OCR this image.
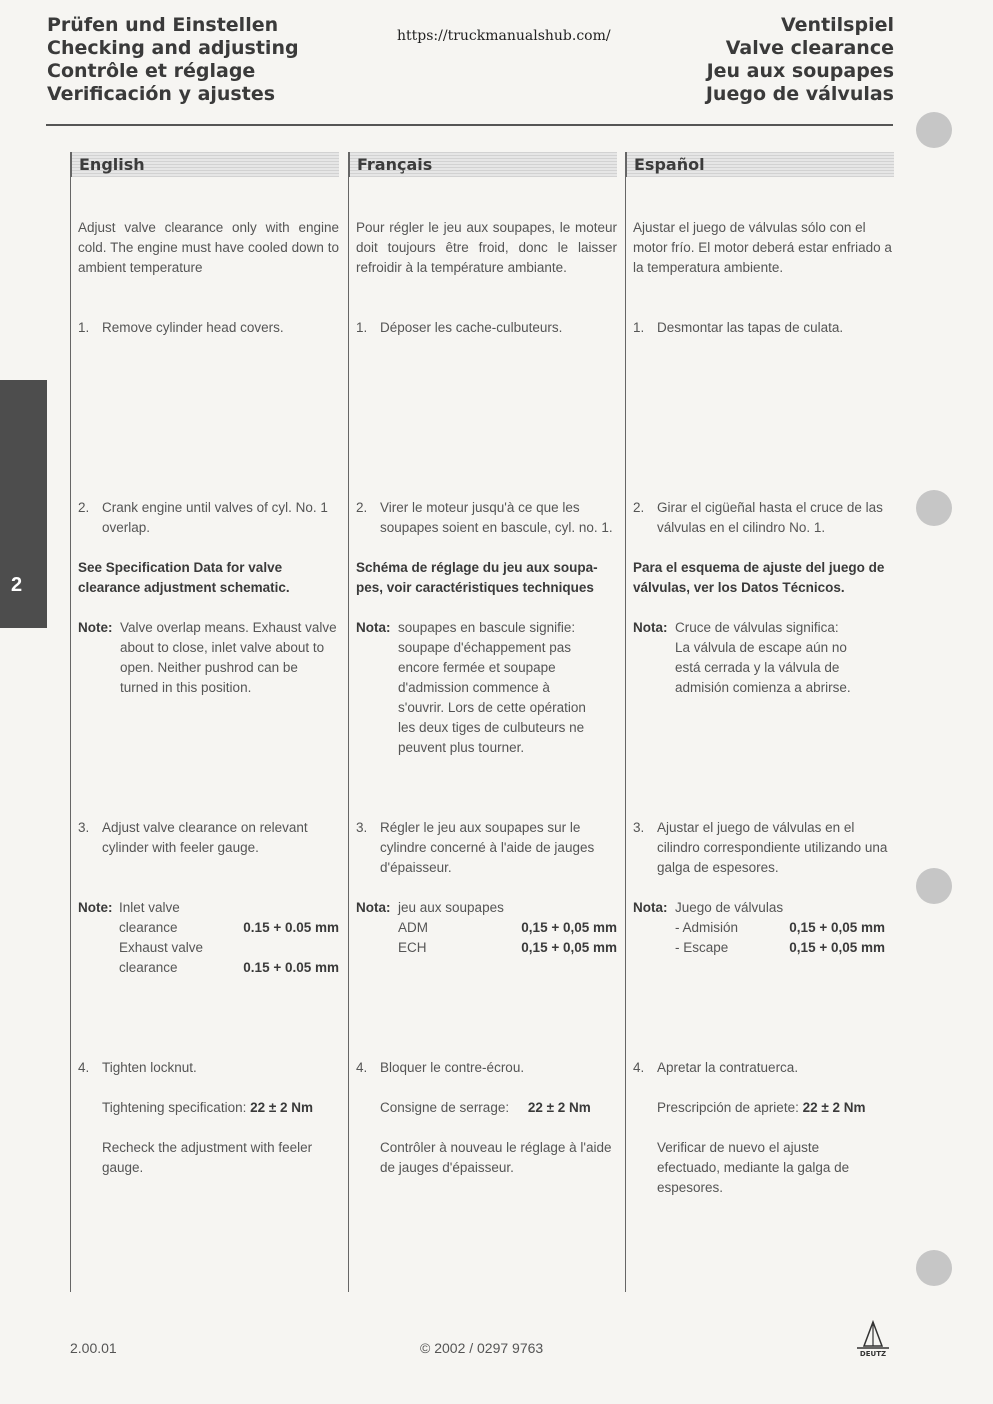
Prüfen und Einstellen
Checking and adjusting
Contrôle et réglage
Verificación y ajustes
https://truckmanualshub.com/	Ventilspiel
Valve clearance
Jeu aux soupapes
Juego de válvulas
2
English
Adjust valve clearance only with engine cold. The engine must have cooled down to ambient temperature
1. Remove cylinder head covers.
2. Crank engine until valves of cyl. No. 1 overlap.
See Specification Data for valve clearance adjustment schematic.
Note: Valve overlap means. Exhaust valve about to close, inlet valve about to open. Neither pushrod can be turned in this position.
3. Adjust valve clearance on relevant cylinder with feeler gauge.
Note: Inlet valve
clearance	0.15 + 0.05 mm
Exhaust valve
clearance	0.15 + 0.05 mm
4. Tighten locknut.
Tightening specification: 22 ± 2 Nm
Recheck the adjustment with feeler gauge.
Français
Pour régler le jeu aux soupapes, le moteur doit toujours être froid, donc le laisser refroidir à la température ambiante.
1. Déposer les cache-culbuteurs.
2. Virer le moteur jusqu'à ce que les soupapes soient en bascule, cyl. no. 1.
Schéma de réglage du jeu aux soupa-pes, voir caractéristiques techniques
Nota: soupapes en bascule signifie:
soupape d'échappement pas encore fermée et soupape d'admission commence à s'ouvrir. Lors de cette opération les deux tiges de culbuteurs ne peuvent plus tourner.
3. Régler le jeu aux soupapes sur le cylindre concerné à l'aide de jauges d'épaisseur.
Nota: jeu aux soupapes
ADM	0,15 + 0,05 mm
ECH	0,15 + 0,05 mm
4. Bloquer le contre-écrou.
Consigne de serrage: 22 ± 2 Nm
Contrôler à nouveau le réglage à l'aide de jauges d'épaisseur.
Español
Ajustar el juego de válvulas sólo con el motor frío. El motor deberá estar enfriado a la temperatura ambiente.
1. Desmontar las tapas de culata.
2. Girar el cigüeñal hasta el cruce de las válvulas en el cilindro No. 1.
Para el esquema de ajuste del juego de válvulas, ver los Datos Técnicos.
Nota: Cruce de válvulas significa:
La válvula de escape aún no está cerrada y la válvula de admisión comienza a abrirse.
3. Ajustar el juego de válvulas en el cilindro correspondiente utilizando una galga de espesores.
Nota: Juego de válvulas
- Admisión	0,15 + 0,05 mm
- Escape	0,15 + 0,05 mm
4. Apretar la contratuerca.
Prescripción de apriete: 22 ± 2 Nm
Verificar de nuevo el ajuste efectuado, mediante la galga de espesores.
2.00.01	© 2002 / 0297 9763	DEUTZ
